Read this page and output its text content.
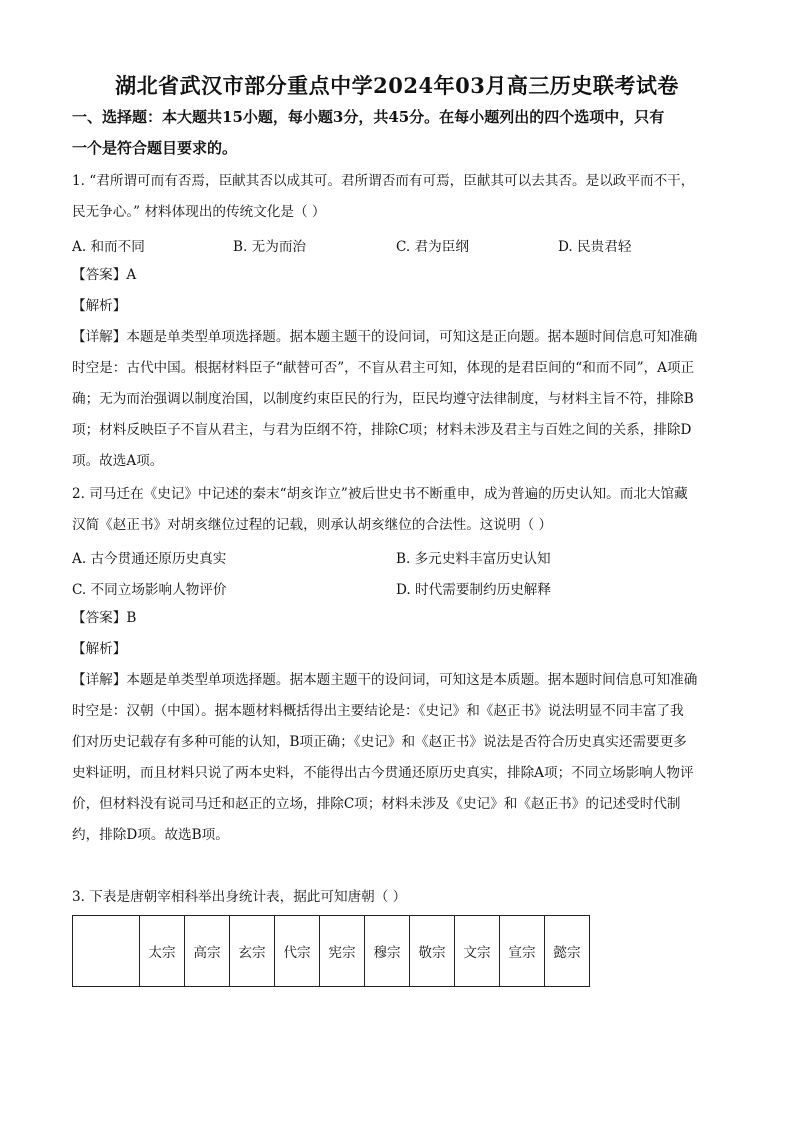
湖北省武汉市部分重点中学2024年03月高三历史联考试卷
一、选择题：本大题共15小题，每小题3分，共45分。在每小题列出的四个选项中，只有
一个是符合题目要求的。
1. “君所谓可而有否焉，臣献其否以成其可。君所谓否而有可焉，臣献其可以去其否。是以政平而不干，
民无争心。” 材料体现出的传统文化是（ ）
A. 和而不同	B. 无为而治	C. 君为臣纲	D. 民贵君轻
【答案】A
【解析】
【详解】本题是单类型单项选择题。据本题主题干的设问词，可知这是正向题。据本题时间信息可知准确
时空是：古代中国。根据材料臣子“献替可否”，不盲从君主可知，体现的是君臣间的“和而不同”，A项正
确；无为而治强调以制度治国，以制度约束臣民的行为，臣民均遵守法律制度，与材料主旨不符，排除B
项；材料反映臣子不盲从君主，与君为臣纲不符，排除C项；材料未涉及君主与百姓之间的关系，排除D
项。故选A项。
2. 司马迁在《史记》中记述的秦末“胡亥诈立”被后世史书不断重申，成为普遍的历史认知。而北大馆藏
汉简《赵正书》对胡亥继位过程的记载，则承认胡亥继位的合法性。这说明（ ）
A. 古今贯通还原历史真实	B. 多元史料丰富历史认知
C. 不同立场影响人物评价	D. 时代需要制约历史解释
【答案】B
【解析】
【详解】本题是单类型单项选择题。据本题主题干的设问词，可知这是本质题。据本题时间信息可知准确
时空是：汉朝（中国）。据本题材料概括得出主要结论是：《史记》和《赵正书》说法明显不同丰富了我
们对历史记载存有多种可能的认知，B项正确；《史记》和《赵正书》说法是否符合历史真实还需要更多
史料证明，而且材料只说了两本史料，不能得出古今贯通还原历史真实，排除A项；不同立场影响人物评
价，但材料没有说司马迁和赵正的立场，排除C项；材料未涉及《史记》和《赵正书》的记述受时代制
约，排除D项。故选B项。
3. 下表是唐朝宰相科举出身统计表，据此可知唐朝（ ）
	太宗	高宗	玄宗	代宗	宪宗	穆宗	敬宗	文宗	宣宗	懿宗
